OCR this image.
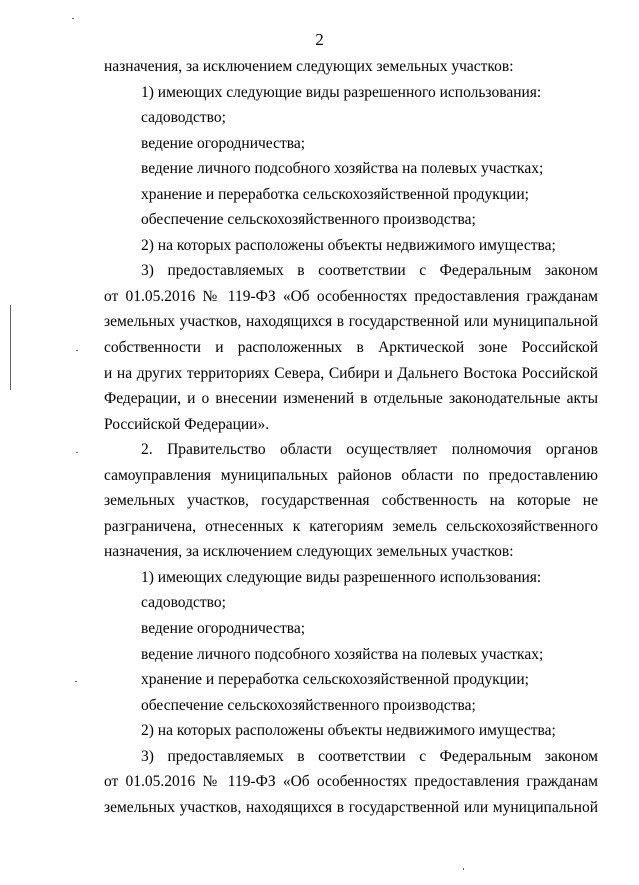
2
назначения, за исключением следующих земельных участков:
1) имеющих следующие виды разрешенного использования:
садоводство;
ведение огородничества;
ведение личного подсобного хозяйства на полевых участках;
хранение и переработка сельскохозяйственной продукции;
обеспечение сельскохозяйственного производства;
2) на которых расположены объекты недвижимого имущества;
3) предоставляемых в соответствии с Федеральным законом
от 01.05.2016 № 119-ФЗ «Об особенностях предоставления гражданам
земельных участков, находящихся в государственной или муниципальной
собственности и расположенных в Арктической зоне Российской
и на других территориях Севера, Сибири и Дальнего Востока Российской
Федерации, и о внесении изменений в отдельные законодательные акты
Российской Федерации».
2. Правительство области осуществляет полномочия органов
самоуправления муниципальных районов области по предоставлению
земельных участков, государственная собственность на которые не
разграничена, отнесенных к категориям земель сельскохозяйственного
назначения, за исключением следующих земельных участков:
1) имеющих следующие виды разрешенного использования:
садоводство;
ведение огородничества;
ведение личного подсобного хозяйства на полевых участках;
хранение и переработка сельскохозяйственной продукции;
обеспечение сельскохозяйственного производства;
2) на которых расположены объекты недвижимого имущества;
3) предоставляемых в соответствии с Федеральным законом
от 01.05.2016 № 119-ФЗ «Об особенностях предоставления гражданам
земельных участков, находящихся в государственной или муниципальной
